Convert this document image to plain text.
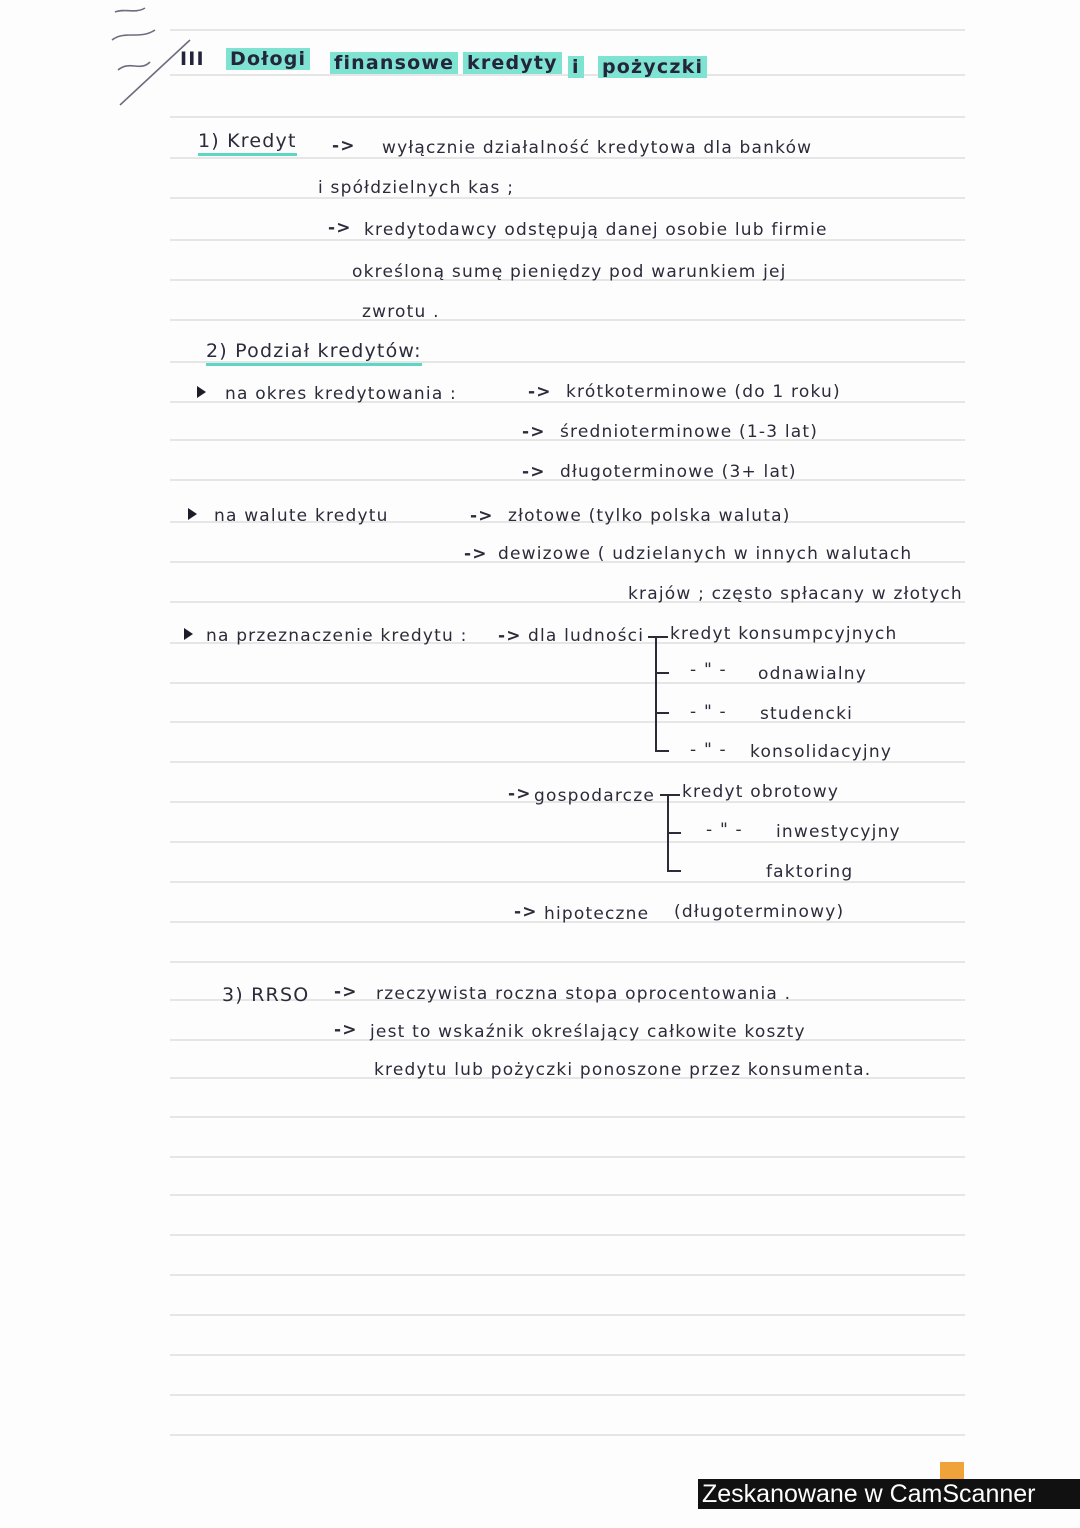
III Dołogi finansowe kredyty i pożyczki
1) Kredyt -> wyłącznie działalność kredytowa dla banków
i spółdzielnych kas ;
-> kredytodawcy odstępują danej osobie lub firmie
określoną sumę pieniędzy pod warunkiem jej
zwrotu .
2) Podział kredytów:
na okres kredytowania :	-> krótkoterminowe (do 1 roku)
-> średnioterminowe (1-3 lat)
-> długoterminowe (3+ lat)
na walute kredytu	-> złotowe (tylko polska waluta)
-> dewizowe ( udzielanych w innych walutach
krajów ; często spłacany w złotych
na przeznaczenie kredytu : -> dla ludności kredyt konsumpcyjnych
- " - odnawialny
- " - studencki
- " - konsolidacyjny
-> gospodarcze kredyt obrotowy
- " - inwestycyjny
faktoring
-> hipoteczne (długoterminowy)
3) RRSO -> rzeczywista roczna stopa oprocentowania .
-> jest to wskaźnik określający całkowite koszty
kredytu lub pożyczki ponoszone przez konsumenta.
Zeskanowane w CamScanner
